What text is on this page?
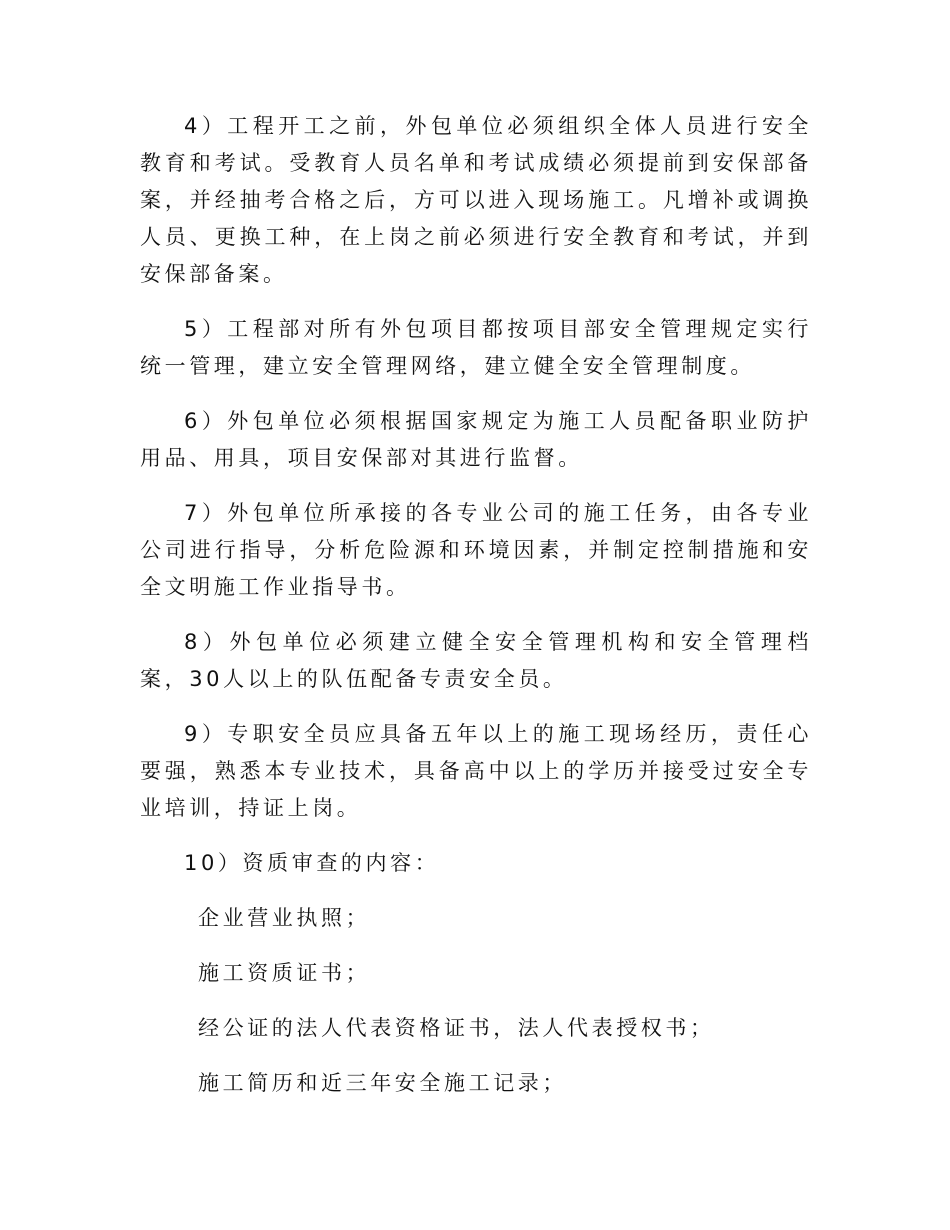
4）工程开工之前，外包单位必须组织全体人员进行安全教育和考试。受教育人员名单和考试成绩必须提前到安保部备案，并经抽考合格之后，方可以进入现场施工。凡增补或调换人员、更换工种，在上岗之前必须进行安全教育和考试，并到安保部备案。

5）工程部对所有外包项目都按项目部安全管理规定实行统一管理，建立安全管理网络，建立健全安全管理制度。

6）外包单位必须根据国家规定为施工人员配备职业防护用品、用具，项目安保部对其进行监督。

7）外包单位所承接的各专业公司的施工任务，由各专业公司进行指导，分析危险源和环境因素，并制定控制措施和安全文明施工作业指导书。

8）外包单位必须建立健全安全管理机构和安全管理档案，30人以上的队伍配备专责安全员。

9）专职安全员应具备五年以上的施工现场经历，责任心要强，熟悉本专业技术，具备高中以上的学历并接受过安全专业培训，持证上岗。

10）资质审查的内容：

企业营业执照；

施工资质证书；

经公证的法人代表资格证书，法人代表授权书；

施工简历和近三年安全施工记录；
